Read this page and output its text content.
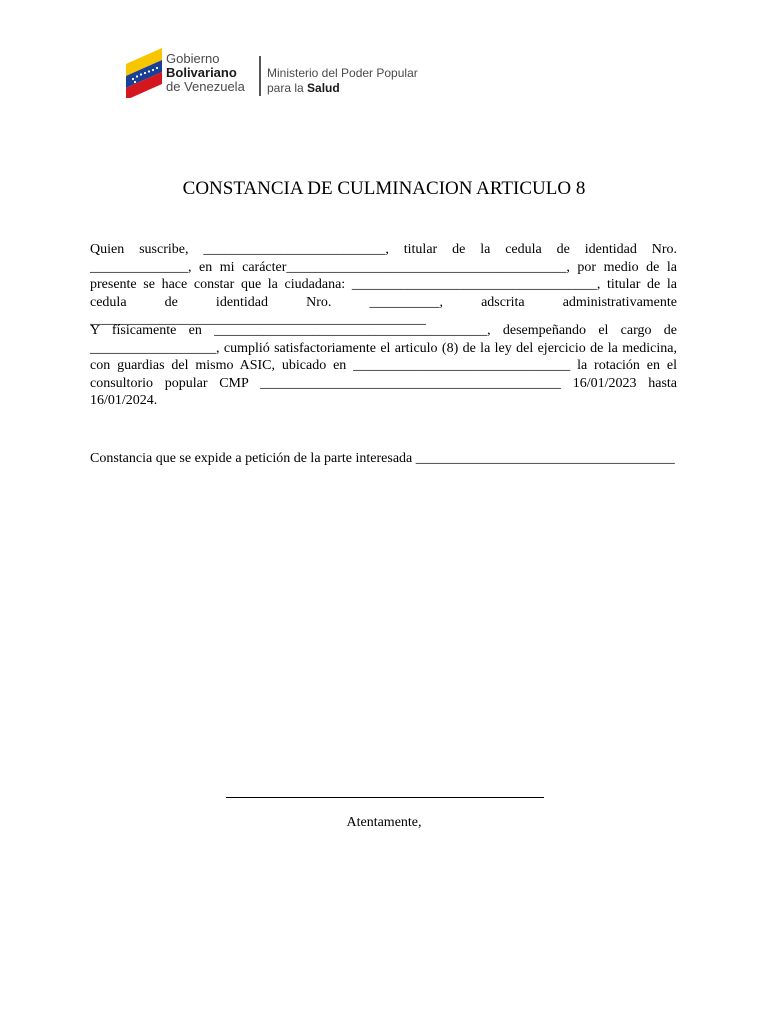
Gobierno
Bolivariano
de Venezuela
Ministerio del Poder Popular
para la Salud
CONSTANCIA DE CULMINACION ARTICULO 8
Quien suscribe, __________________________, titular de la cedula de identidad Nro. ______________, en mi carácter________________________________________, por medio de la presente se hace constar que la ciudadana: ___________________________________, titular de la cedula de identidad Nro. __________, adscrita administrativamente ________________________________________________
Y físicamente en _______________________________________, desempeñando el cargo de __________________, cumplió satisfactoriamente el articulo (8) de la ley del ejercicio de la medicina, con guardias del mismo ASIC, ubicado en _______________________________ la rotación en el consultorio popular CMP ___________________________________________ 16/01/2023 hasta 16/01/2024.
Constancia que se expide a petición de la parte interesada _____________________________________
Atentamente,
